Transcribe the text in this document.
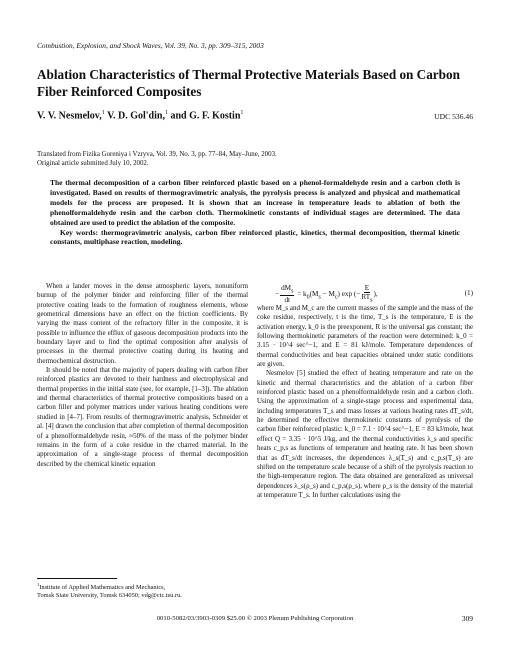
Combustion, Explosion, and Shock Waves, Vol. 39, No. 3, pp. 309–315, 2003
Ablation Characteristics of Thermal Protective Materials Based on Carbon Fiber Reinforced Composites
V. V. Nesmelov,$^1$ V. D. Gol'din,$^1$ and G. F. Kostin$^1$	UDC 536.46
Translated from Fizika Goreniya i Vzryva, Vol. 39, No. 3, pp. 77–84, May–June, 2003.
Original article submitted July 10, 2002.

The thermal decomposition of a carbon fiber reinforced plastic based on a phenol-formaldehyde resin and a carbon cloth is investigated. Based on results of thermogravimetric analysis, the pyrolysis process is analyzed and physical and mathematical models for the process are proposed. It is shown that an increase in temperature leads to ablation of both the phenolformaldehyde resin and the carbon cloth. Thermokinetic constants of individual stages are determined. The data obtained are used to predict the ablation of the composite.

Key words: thermogravimetric analysis, carbon fiber reinforced plastic, kinetics, thermal decomposition, thermal kinetic constants, multiphase reaction, modeling.

When a lander moves in the dense atmospheric layers, nonuniform burnup of the polymer binder and reinforcing filler of the thermal protective coating leads to the formation of roughness elements, whose geometrical dimensions have an effect on the friction coefficients. By varying the mass content of the refractory filler in the composite, it is possible to influence the efflux of gaseous decomposition products into the boundary layer and to find the optimal composition after analysis of processes in the thermal protective coating during its heating and thermochemical destruction.

It should be noted that the majority of papers dealing with carbon fiber reinforced plastics are devoted to their hardness and electrophysical and thermal properties in the initial state (see, for example, [1–3]). The ablation and thermal characteristics of thermal protective compositions based on a carbon filler and polymer matrices under various heating conditions were studied in [4–7]. From results of thermogravimetric analysis, Schneider et al. [4] drawn the conclusion that after completion of thermal decomposition of a phenolformaldehyde resin, ≈50% of the mass of the polymer binder remains in the form of a coke residue in the charred material. In the approximation of a single-stage process of thermal decomposition described by the chemical kinetic equation

− $\frac{dM_s}{dt} = k_0(M_s - M_c)$ exp (− $\frac{E}{RT_s}$ ),	(1)

where M_s and M_c are the current masses of the sample and the mass of the coke residue, respectively, t is the time, T_s is the temperature, E is the activation energy, k_0 is the preexponent, R is the universal gas constant; the following thermokinetic parameters of the reaction were determined: k_0 = 3.15 · 10^4 sec^−1, and E = 81 kJ/mole. Temperature dependences of thermal conductivities and heat capacities obtained under static conditions are given.

Nesmelov [5] studied the effect of heating temperature and rate on the kinetic and thermal characteristics and the ablation of a carbon fiber reinforced plastic based on a phenolformaldehyde resin and a carbon cloth. Using the approximation of a single-stage process and experimental data, including temperatures T_s and mass losses at various heating rates dT_s/dt, he determined the effective thermokinetic constants of pyrolysis of the carbon fiber reinforced plastic: k_0 = 7.1 · 10^4 sec^−1, E = 83 kJ/mole, heat effect Q = 3.35 · 10^5 J/kg, and the thermal conductivities λ_s and specific heats c_p,s as functions of temperature and heating rate. It has been shown that as dT_s/dt increases, the dependences λ_s(T_s) and c_p,s(T_s) are shifted on the temperature scale because of a shift of the pyrolysis reaction to the high-temperature region. The data obtained are generalized as universal dependences λ_s(ρ_s) and c_p,s(ρ_s), where ρ_s is the density of the material at temperature T_s. In further calculations using the

$^1$Institute of Applied Mathematics and Mechanics,
Tomsk State University, Tomsk 634050; vdg@ctc.tsu.ru.
0010-5082/03/3903-0309 $25.00 © 2003 Plenum Publishing Corporation	309
